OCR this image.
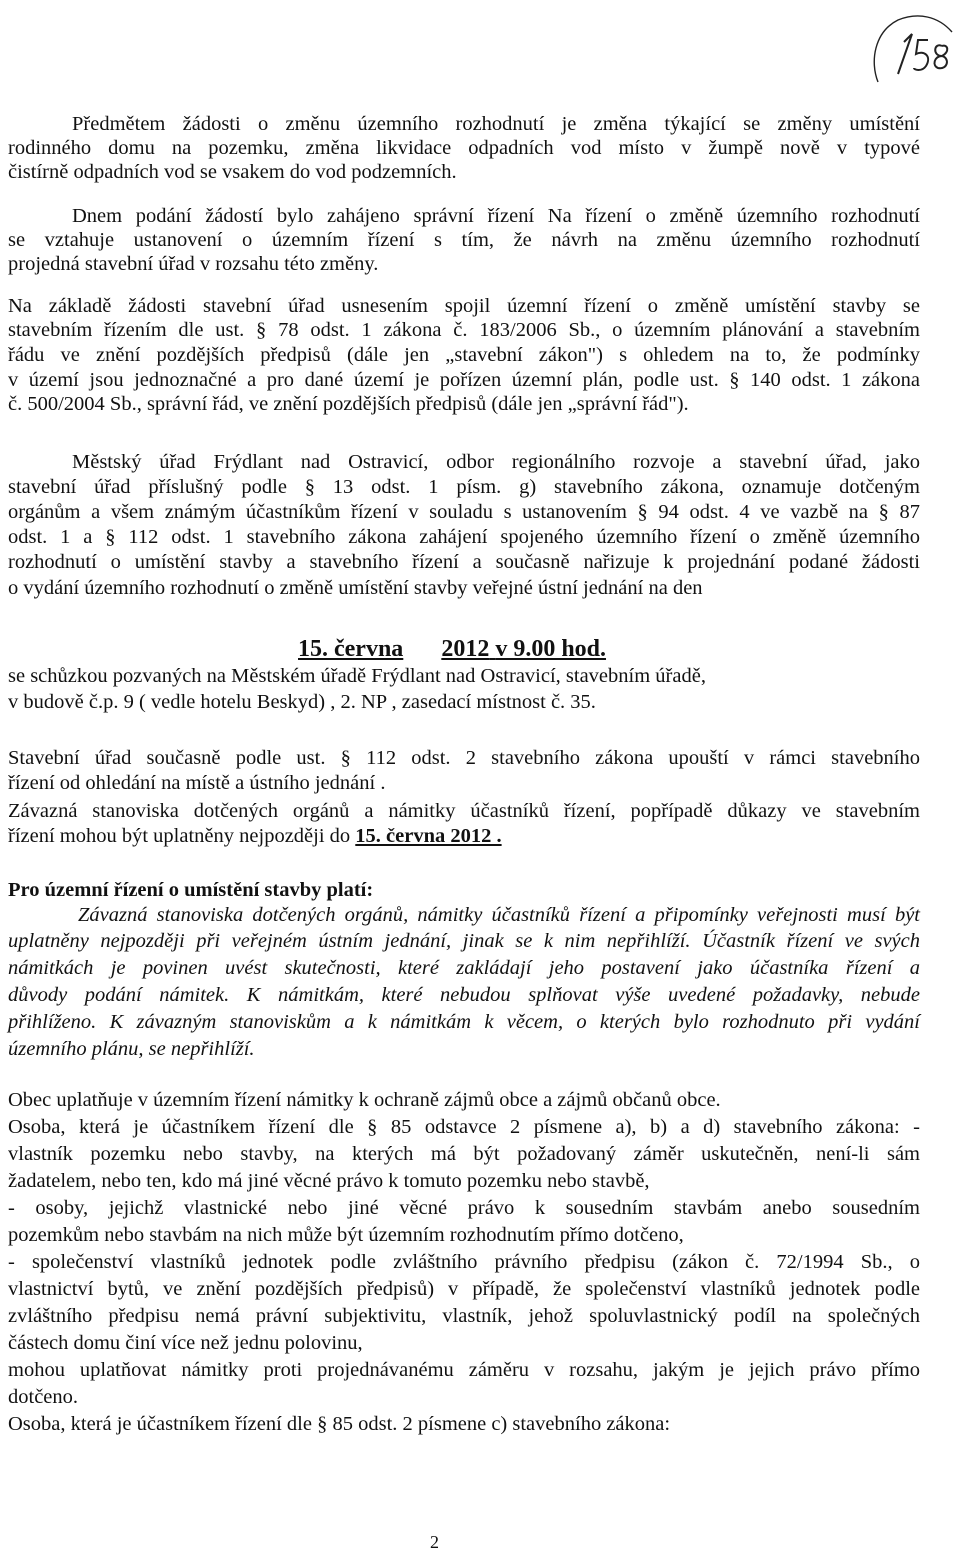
Předmětem žádosti o změnu územního rozhodnutí je změna týkající se změny umístění
rodinného domu na pozemku, změna likvidace odpadních vod místo v žumpě nově v typové
čistírně odpadních vod se vsakem do vod podzemních.
Dnem podání žádostí bylo zahájeno správní řízení Na řízení o změně územního rozhodnutí
se vztahuje ustanovení o územním řízení s tím, že návrh na změnu územního rozhodnutí
projedná stavební úřad v rozsahu této změny.
Na základě žádosti stavební úřad usnesením spojil územní řízení o změně umístění stavby se
stavebním řízením dle ust. § 78 odst. 1 zákona č. 183/2006 Sb., o územním plánování a stavebním
řádu ve znění pozdějších předpisů (dále jen „stavební zákon") s ohledem na to, že podmínky
v území jsou jednoznačné a pro dané území je pořízen územní plán, podle ust. § 140 odst. 1 zákona
č. 500/2004 Sb., správní řád, ve znění pozdějších předpisů (dále jen „správní řád").
Městský úřad Frýdlant nad Ostravicí, odbor regionálního rozvoje a stavební úřad, jako
stavební úřad příslušný podle § 13 odst. 1 písm. g) stavebního zákona, oznamuje dotčeným
orgánům a všem známým účastníkům řízení v souladu s ustanovením § 94 odst. 4 ve vazbě na § 87
odst. 1 a § 112 odst. 1 stavebního zákona zahájení spojeného územního řízení o změně územního
rozhodnutí o umístění stavby a stavebního řízení a současně nařizuje k projednání podané žádosti
o vydání územního rozhodnutí o změně umístění stavby veřejné ústní jednání na den
15. června 2012 v 9.00 hod.
se schůzkou pozvaných na Městském úřadě Frýdlant nad Ostravicí, stavebním úřadě,
v budově č.p. 9 ( vedle hotelu Beskyd) , 2. NP , zasedací místnost č. 35.
Stavební úřad současně podle ust. § 112 odst. 2 stavebního zákona upouští v rámci stavebního
řízení od ohledání na místě a ústního jednání .
Závazná stanoviska dotčených orgánů a námitky účastníků řízení, popřípadě důkazy ve stavebním
řízení mohou být uplatněny nejpozději do 15. června 2012 .
Pro územní řízení o umístění stavby platí:
Závazná stanoviska dotčených orgánů, námitky účastníků řízení a připomínky veřejnosti musí být
uplatněny nejpozději při veřejném ústním jednání, jinak se k nim nepřihlíží. Účastník řízení ve svých
námitkách je povinen uvést skutečnosti, které zakládají jeho postavení jako účastníka řízení a
důvody podání námitek. K námitkám, které nebudou splňovat výše uvedené požadavky, nebude
přihlíženo. K závazným stanoviskům a k námitkám k věcem, o kterých bylo rozhodnuto při vydání
územního plánu, se nepřihlíží.
Obec uplatňuje v územním řízení námitky k ochraně zájmů obce a zájmů občanů obce.
Osoba, která je účastníkem řízení dle § 85 odstavce 2 písmene a), b) a d) stavebního zákona: -
vlastník pozemku nebo stavby, na kterých má být požadovaný záměr uskutečněn, není-li sám
žadatelem, nebo ten, kdo má jiné věcné právo k tomuto pozemku nebo stavbě,
- osoby, jejichž vlastnické nebo jiné věcné právo k sousedním stavbám anebo sousedním
pozemkům nebo stavbám na nich může být územním rozhodnutím přímo dotčeno,
- společenství vlastníků jednotek podle zvláštního právního předpisu (zákon č. 72/1994 Sb., o
vlastnictví bytů, ve znění pozdějších předpisů) v případě, že společenství vlastníků jednotek podle
zvláštního předpisu nemá právní subjektivitu, vlastník, jehož spoluvlastnický podíl na společných
částech domu činí více než jednu polovinu,
mohou uplatňovat námitky proti projednávanému záměru v rozsahu, jakým je jejich právo přímo
dotčeno.
Osoba, která je účastníkem řízení dle § 85 odst. 2 písmene c) stavebního zákona:
2
